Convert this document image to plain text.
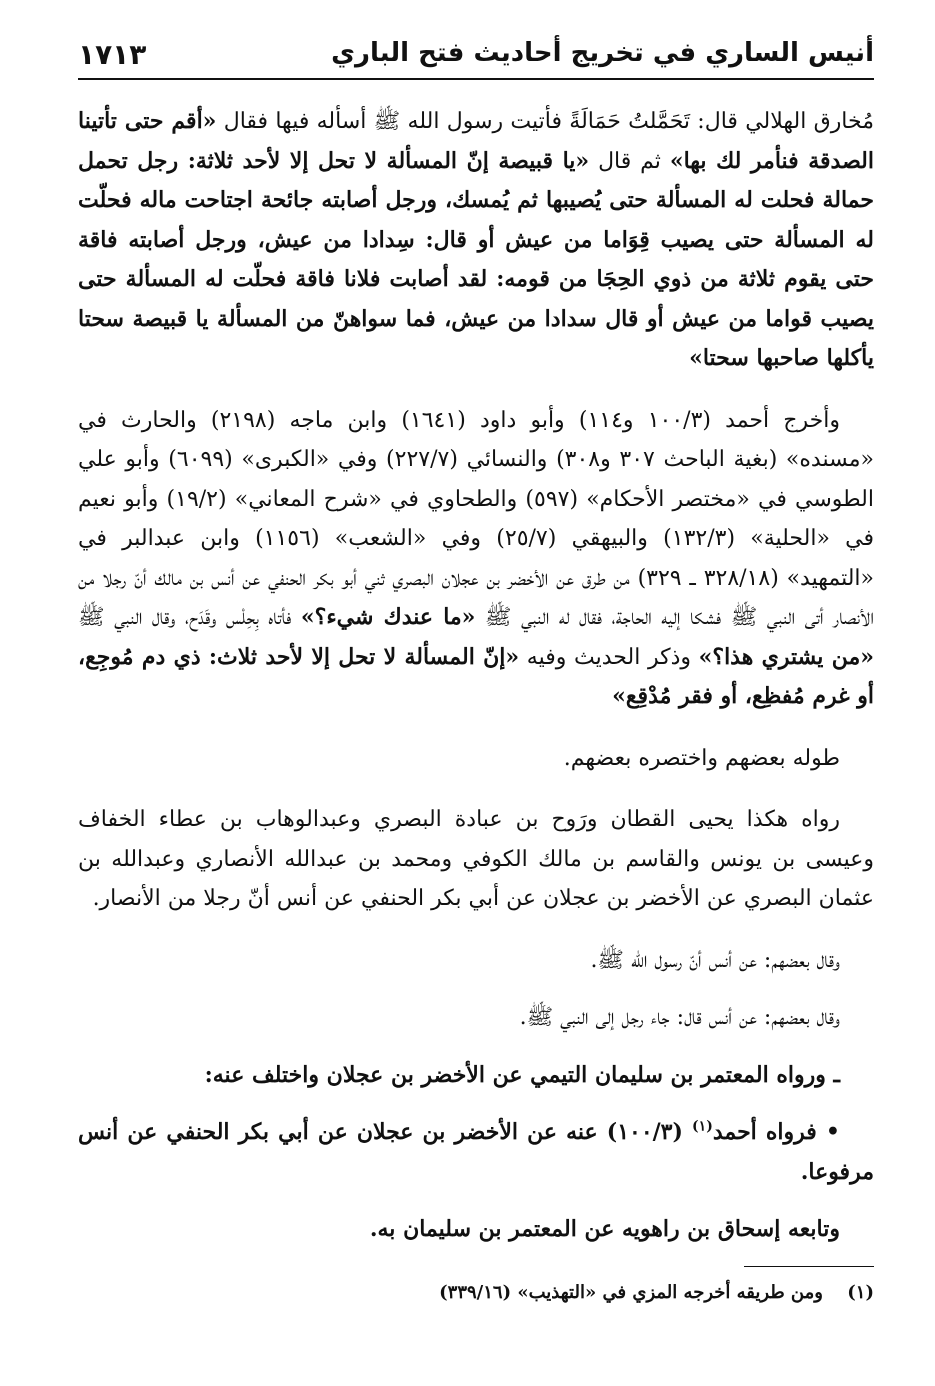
أنيس الساري في تخريج أحاديث فتح الباري
١٧١٣

مُخارق الهلالي قال: تَحَمَّلتُ حَمَالَةً فأتيت رسول الله ﷺ أسأله فيها فقال «أقم حتى تأتينا الصدقة فنأمر لك بها» ثم قال «يا قبيصة إنّ المسألة لا تحل إلا لأحد ثلاثة: رجل تحمل حمالة فحلت له المسألة حتى يُصيبها ثم يُمسك، ورجل أصابته جائحة اجتاحت ماله فحلّت له المسألة حتى يصيب قِوَاما من عيش أو قال: سِدادا من عيش، ورجل أصابته فاقة حتى يقوم ثلاثة من ذوي الحِجَا من قومه: لقد أصابت فلانا فاقة فحلّت له المسألة حتى يصيب قواما من عيش أو قال سدادا من عيش، فما سواهنّ من المسألة يا قبيصة سحتا يأكلها صاحبها سحتا»

وأخرج أحمد (١٠٠/٣ و١١٤) وأبو داود (١٦٤١) وابن ماجه (٢١٩٨) والحارث في «مسنده» (بغية الباحث ٣٠٧ و٣٠٨) والنسائي (٢٢٧/٧) وفي «الكبرى» (٦٠٩٩) وأبو علي الطوسي في «مختصر الأحكام» (٥٩٧) والطحاوي في «شرح المعاني» (١٩/٢) وأبو نعيم في «الحلية» (١٣٢/٣) والبيهقي (٢٥/٧) وفي «الشعب» (١١٥٦) وابن عبدالبر في «التمهيد» (٣٢٨/١٨ ـ ٣٢٩) من طرق عن الأخضر بن عجلان البصري ثني أبو بكر الحنفي عن أنس بن مالك أنّ رجلا من الأنصار أتى النبي ﷺ فشكا إليه الحاجة، فقال له النبي ﷺ «ما عندك شيء؟» فأتاه بِحِلْس وقَدَح، وقال النبي ﷺ «من يشتري هذا؟» وذكر الحديث وفيه «إنّ المسألة لا تحل إلا لأحد ثلاث: ذي دم مُوجِع، أو غرم مُفظِع، أو فقر مُدْقِع»

طوله بعضهم واختصره بعضهم.

رواه هكذا يحيى القطان ورَوح بن عبادة البصري وعبدالوهاب بن عطاء الخفاف وعيسى بن يونس والقاسم بن مالك الكوفي ومحمد بن عبدالله الأنصاري وعبدالله بن عثمان البصري عن الأخضر بن عجلان عن أبي بكر الحنفي عن أنس أنّ رجلا من الأنصار.

وقال بعضهم: عن أنس أنّ رسول الله ﷺ.

وقال بعضهم: عن أنس قال: جاء رجل إلى النبي ﷺ.

ـ ورواه المعتمر بن سليمان التيمي عن الأخضر بن عجلان واختلف عنه:

• فرواه أحمد$^{(١)}$ (١٠٠/٣) عنه عن الأخضر بن عجلان عن أبي بكر الحنفي عن أنس مرفوعا.

وتابعه إسحاق بن راهويه عن المعتمر بن سليمان به.

(١) ومن طريقه أخرجه المزي في «التهذيب» (٣٣٩/١٦)
